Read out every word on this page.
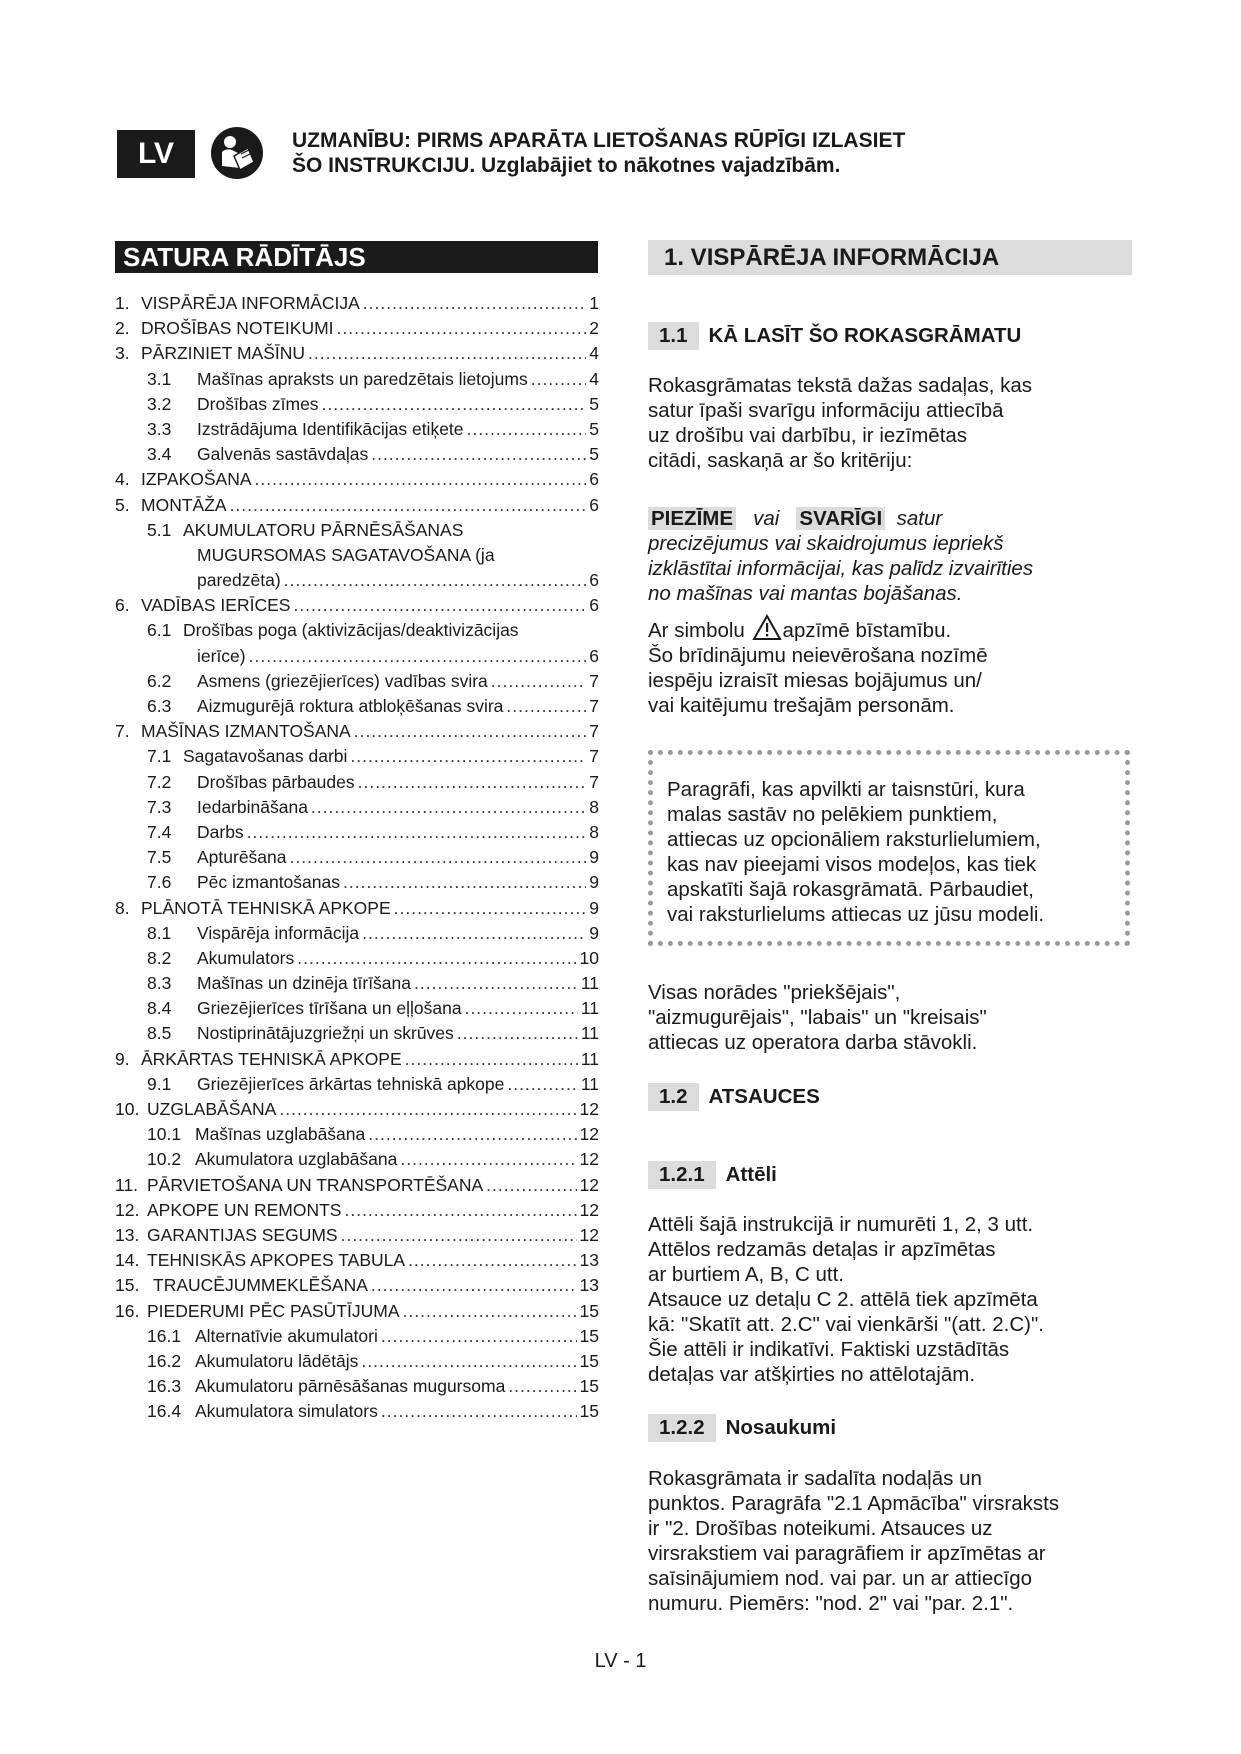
LV	UZMANĪBU: PIRMS APARĀTA LIETOŠANAS RŪPĪGI IZLASIET
ŠO INSTRUKCIJU. Uzglabājiet to nākotnes vajadzībām.
SATURA RĀDĪTĀJS
1. VISPĀRĒJA INFORMĀCIJA .....	1
2. DROŠĪBAS NOTEIKUMI .....	2
3. PĀRZINIET MAŠĪNU .....	4
3.1	Mašīnas apraksts un paredzētais lietojums .....	4
3.2	Drošības zīmes .....	5
3.3	Izstrādājuma Identifikācijas etiķete .....	5
3.4	Galvenās sastāvdaļas .....	5
4. IZPAKOŠANA .....	6
5. MONTĀŽA .....	6
5.1 AKUMULATORU PĀRNĒSĀŠANAS
MUGURSOMAS SAGATAVOŠANA (ja
paredzēta) .....	6
6. VADĪBAS IERĪCES .....	6
6.1 Drošības poga (aktivizācijas/deaktivizācijas
ierīce) .....	6
6.2	Asmens (griezējierīces) vadības svira .....	7
6.3	Aizmugurējā roktura atbloķēšanas svira .....	7
7. MAŠĪNAS IZMANTOŠANA .....	7
7.1 Sagatavošanas darbi .....	7
7.2	Drošības pārbaudes .....	7
7.3	Iedarbināšana .....	8
7.4	Darbs .....	8
7.5	Apturēšana .....	9
7.6	Pēc izmantošanas .....	9
8. PLĀNOTĀ TEHNISKĀ APKOPE .....	9
8.1	Vispārēja informācija .....	9
8.2	Akumulators .....	10
8.3	Mašīnas un dzinēja tīrīšana .....	11
8.4	Griezējierīces tīrīšana un eļļošana .....	11
8.5	Nostiprinātājuzgriežņi un skrūves .....	11
9. ĀRKĀRTAS TEHNISKĀ APKOPE .....	11
9.1	Griezējierīces ārkārtas tehniskā apkope .....	11
10. UZGLABĀŠANA .....	12
10.1 Mašīnas uzglabāšana .....	12
10.2 Akumulatora uzglabāšana .....	12
11. PĀRVIETOŠANA UN TRANSPORTĒŠANA .....	12
12. APKOPE UN REMONTS .....	12
13. GARANTIJAS SEGUMS .....	12
14. TEHNISKĀS APKOPES TABULA .....	13
15. TRAUCĒJUMMEKLĒŠANA .....	13
16. PIEDERUMI PĒC PASŪTĪJUMA .....	15
16.1 Alternatīvie akumulatori .....	15
16.2 Akumulatoru lādētājs .....	15
16.3 Akumulatoru pārnēsāšanas mugursoma .....	15
16.4 Akumulatora simulators .....	15
1. VISPĀRĒJA INFORMĀCIJA
1.1	KĀ LASĪT ŠO ROKASGRĀMATU
Rokasgrāmatas tekstā dažas sadaļas, kas
satur īpaši svarīgu informāciju attiecībā
uz drošību vai darbību, ir iezīmētas
citādi, saskaņā ar šo kritēriju:
PIEZĪME vai SVARĪGI satur
precizējumus vai skaidrojumus iepriekš
izklāstītai informācijai, kas palīdz izvairīties
no mašīnas vai mantas bojāšanas.
Ar simbolu apzīmē bīstamību.
Šo brīdinājumu neievērošana nozīmē
iespēju izraisīt miesas bojājumus un/
vai kaitējumu trešajām personām.
Paragrāfi, kas apvilkti ar taisnstūri, kura
malas sastāv no pelēkiem punktiem,
attiecas uz opcionāliem raksturlielumiem,
kas nav pieejami visos modeļos, kas tiek
apskatīti šajā rokasgrāmatā. Pārbaudiet,
vai raksturlielums attiecas uz jūsu modeli.
Visas norādes "priekšējais",
"aizmugurējais", "labais" un "kreisais"
attiecas uz operatora darba stāvokli.
1.2	ATSAUCES
1.2.1	Attēli
Attēli šajā instrukcijā ir numurēti 1, 2, 3 utt.
Attēlos redzamās detaļas ir apzīmētas
ar burtiem A, B, C utt.
Atsauce uz detaļu C 2. attēlā tiek apzīmēta
kā: "Skatīt att. 2.C" vai vienkārši "(att. 2.C)".
Šie attēli ir indikatīvi. Faktiski uzstādītās
detaļas var atšķirties no attēlotajām.
1.2.2	Nosaukumi
Rokasgrāmata ir sadalīta nodaļās un
punktos. Paragrāfa "2.1 Apmācība" virsraksts
ir "2. Drošības noteikumi. Atsauces uz
virsrakstiem vai paragrāfiem ir apzīmētas ar
saīsinājumiem nod. vai par. un ar attiecīgo
numuru. Piemērs: "nod. 2" vai "par. 2.1".
LV - 1
